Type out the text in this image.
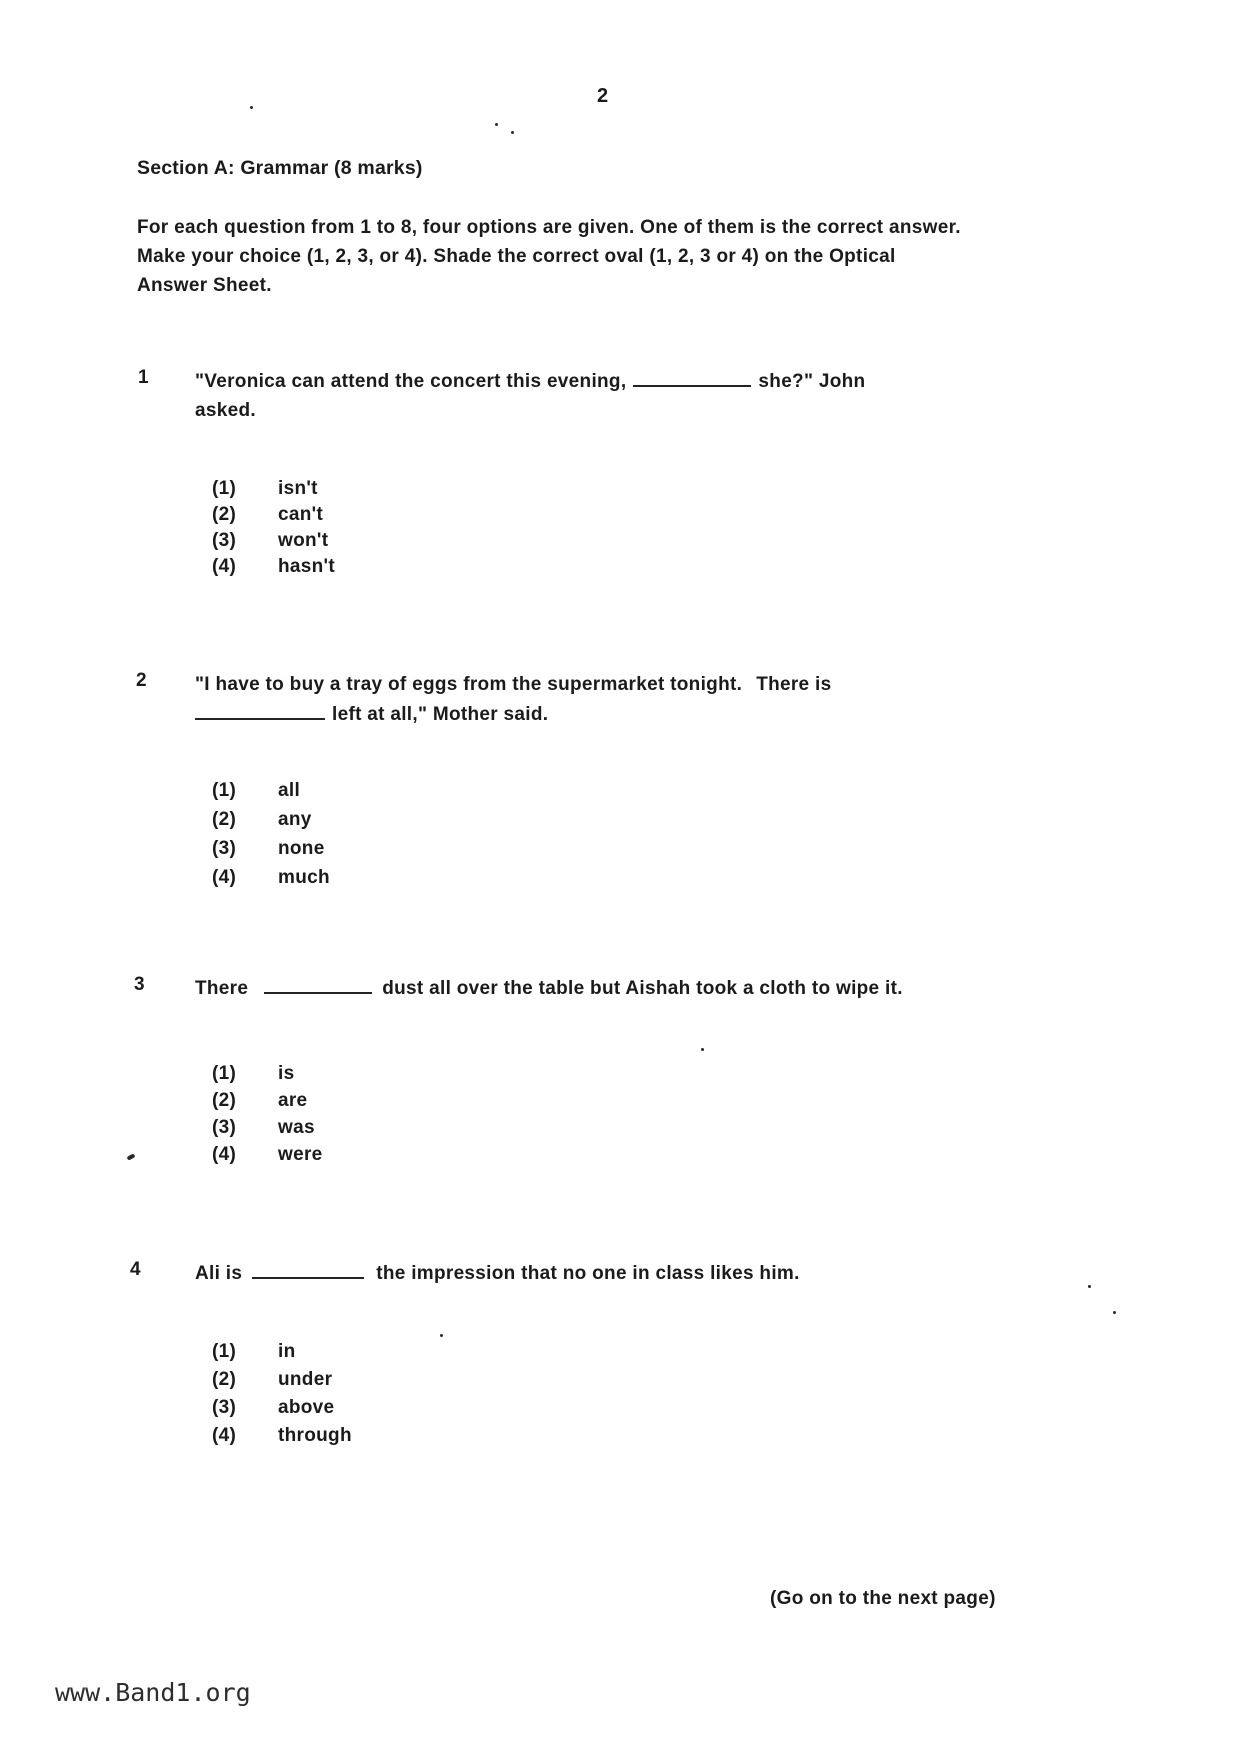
2
Section A: Grammar (8 marks)
For each question from 1 to 8, four options are given. One of them is the correct answer. Make your choice (1, 2, 3, or 4). Shade the correct oval (1, 2, 3 or 4) on the Optical Answer Sheet.
1 "Veronica can attend the concert this evening,	she?" John
asked.
(1)	isn't
(2)	can't
(3)	won't
(4)	hasn't
2	"I have to buy a tray of eggs from the supermarket tonight. There is
left at all," Mother said.
(1)	all
(2)	any
(3)	none
(4)	much
3	There	dust all over the table but Aishah took a cloth to wipe it.
(1)	is
(2)	are
(3)	was
(4)	were
4	Ali is	the impression that no one in class likes him.
(1)	in
(2)	under
(3)	above
(4)	through
(Go on to the next page)
www.Band1.org
